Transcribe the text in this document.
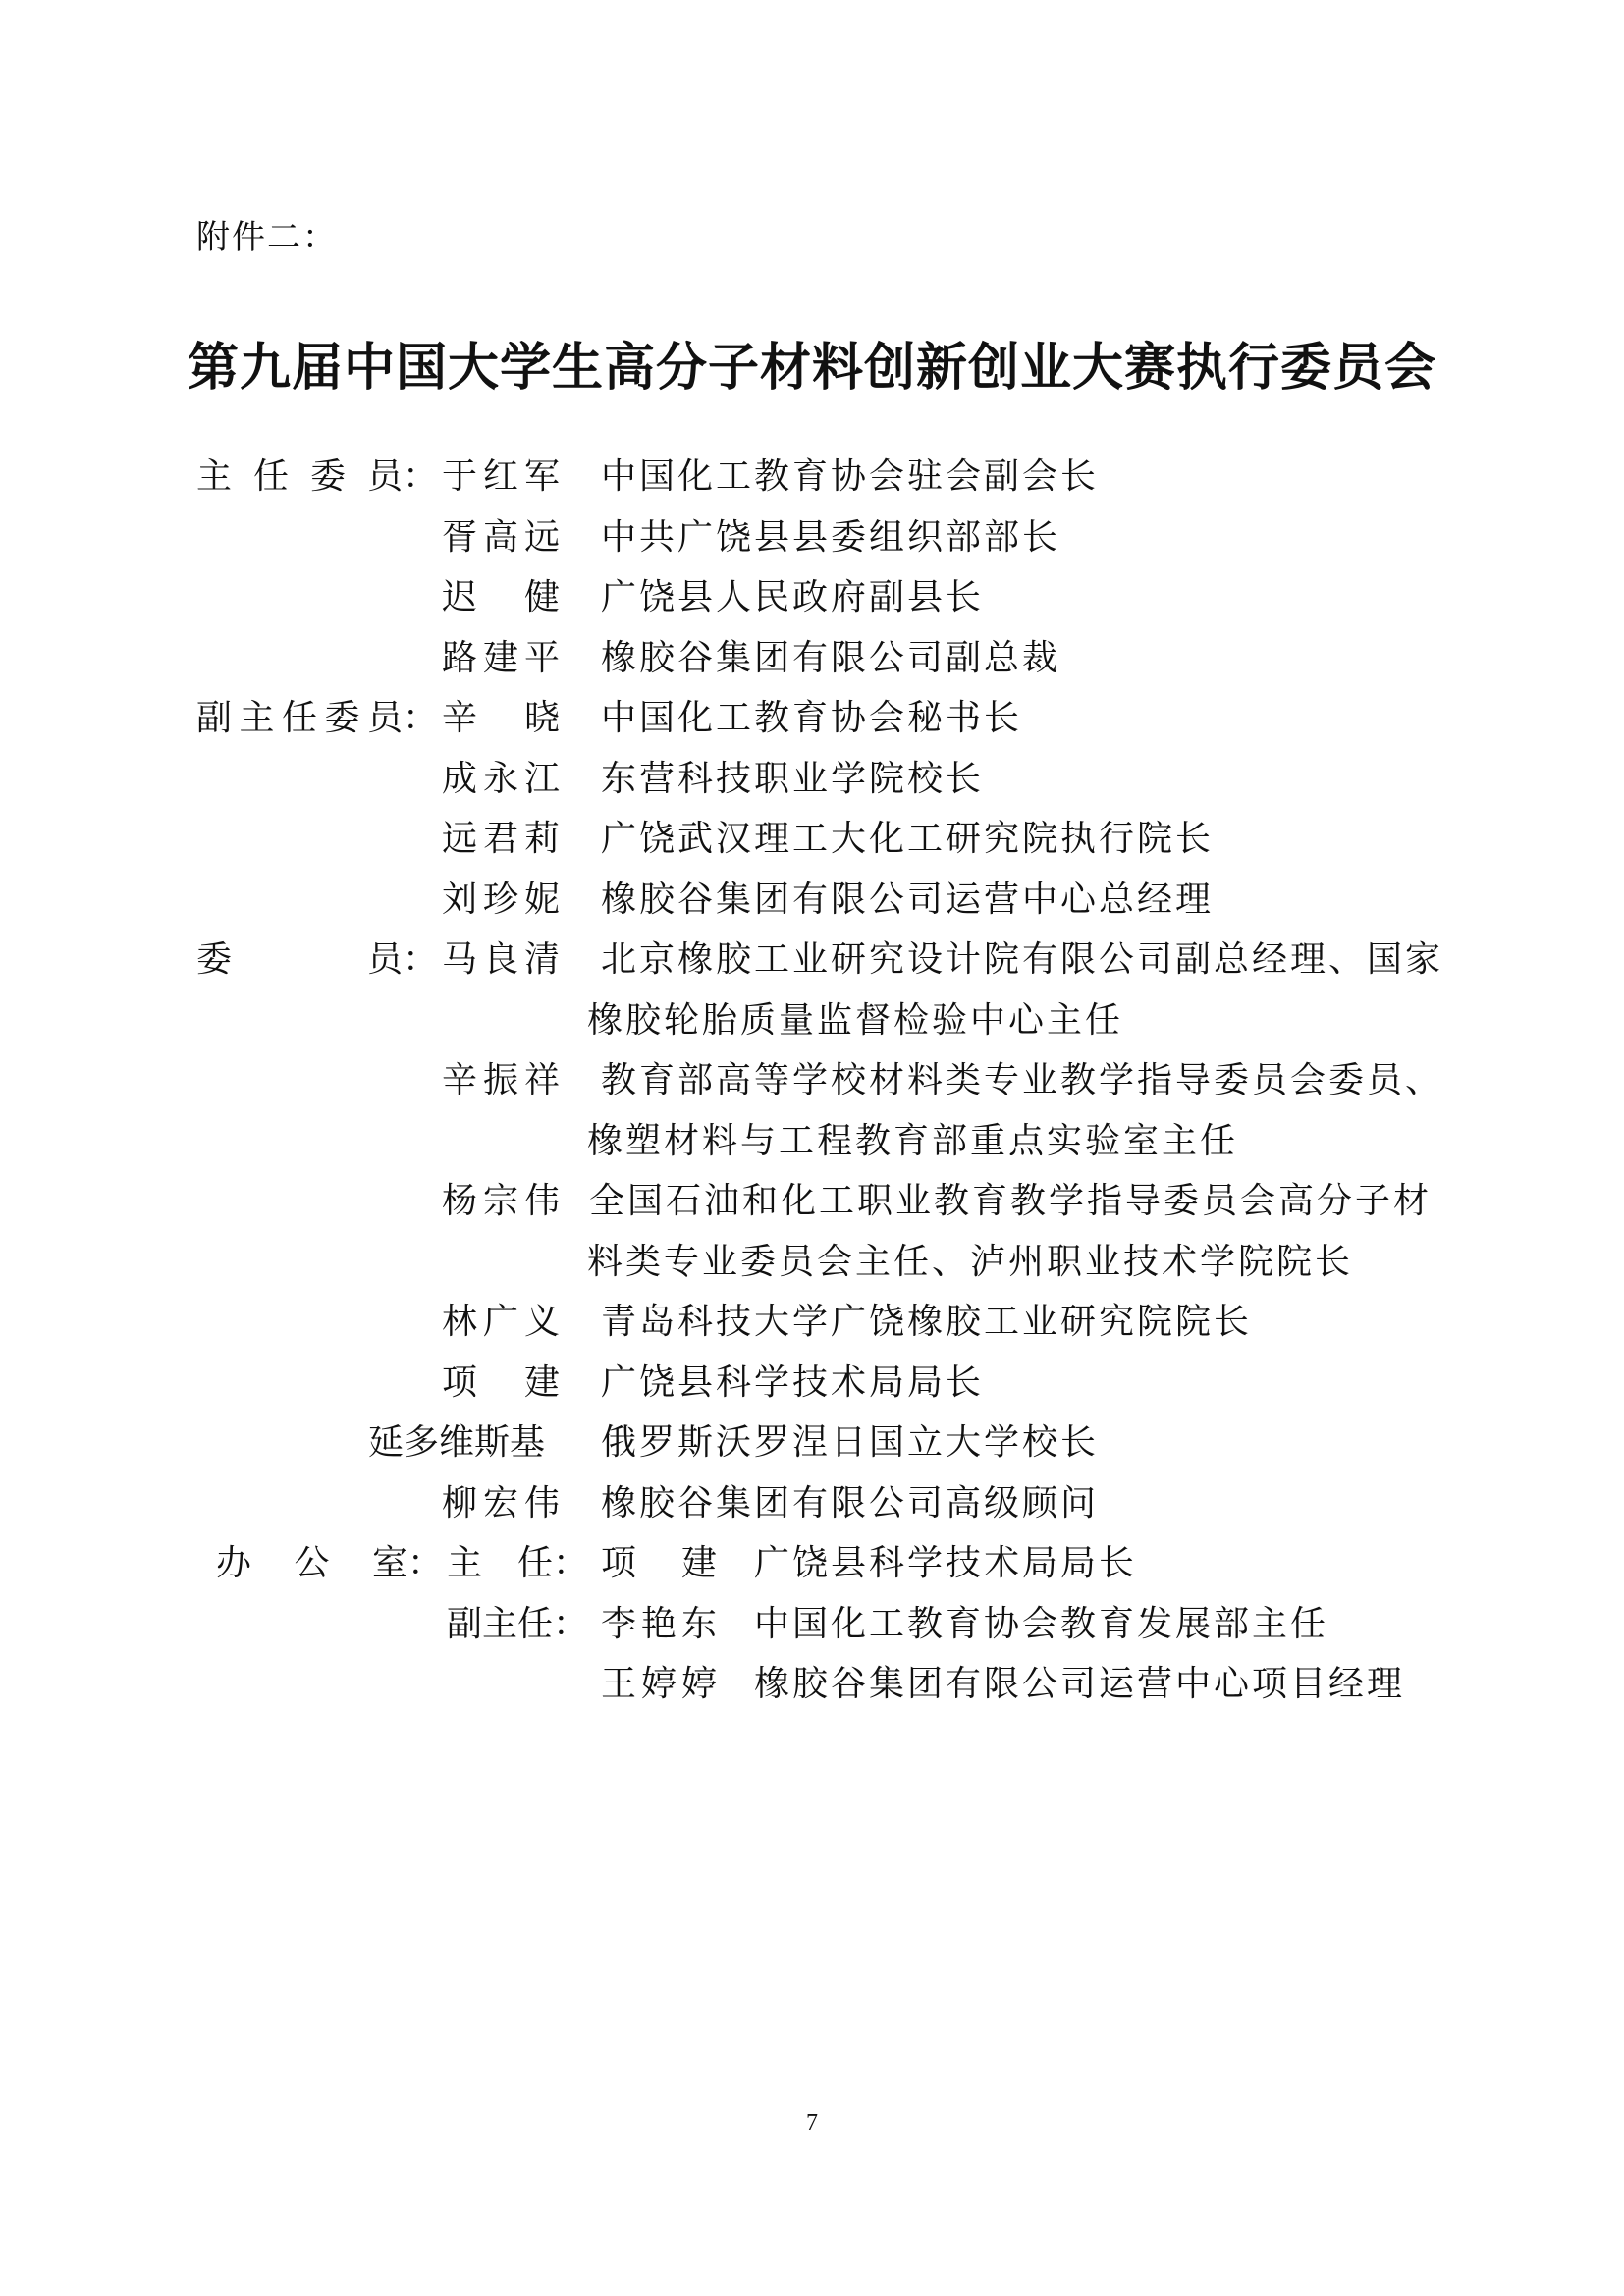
附件二：
第九届中国大学生高分子材料创新创业大赛执行委员会
主任委员： 于红军 中国化工教育协会驻会副会长
胥高远 中共广饶县县委组织部部长
迟健 广饶县人民政府副县长
路建平 橡胶谷集团有限公司副总裁
副主任委员： 辛晓 中国化工教育协会秘书长
成永江 东营科技职业学院校长
远君莉 广饶武汉理工大化工研究院执行院长
刘珍妮 橡胶谷集团有限公司运营中心总经理
委员： 马良清 北京橡胶工业研究设计院有限公司副总经理、国家
橡胶轮胎质量监督检验中心主任
辛振祥 教育部高等学校材料类专业教学指导委员会委员、
橡塑材料与工程教育部重点实验室主任
杨宗伟 全国石油和化工职业教育教学指导委员会高分子材
料类专业委员会主任、泸州职业技术学院院长
林广义 青岛科技大学广饶橡胶工业研究院院长
项建 广饶县科学技术局局长
延多维斯基 俄罗斯沃罗涅日国立大学校长
柳宏伟 橡胶谷集团有限公司高级顾问
办公室： 主　任： 项建 广饶县科学技术局局长
副主任： 李艳东 中国化工教育协会教育发展部主任
王婷婷 橡胶谷集团有限公司运营中心项目经理
7
